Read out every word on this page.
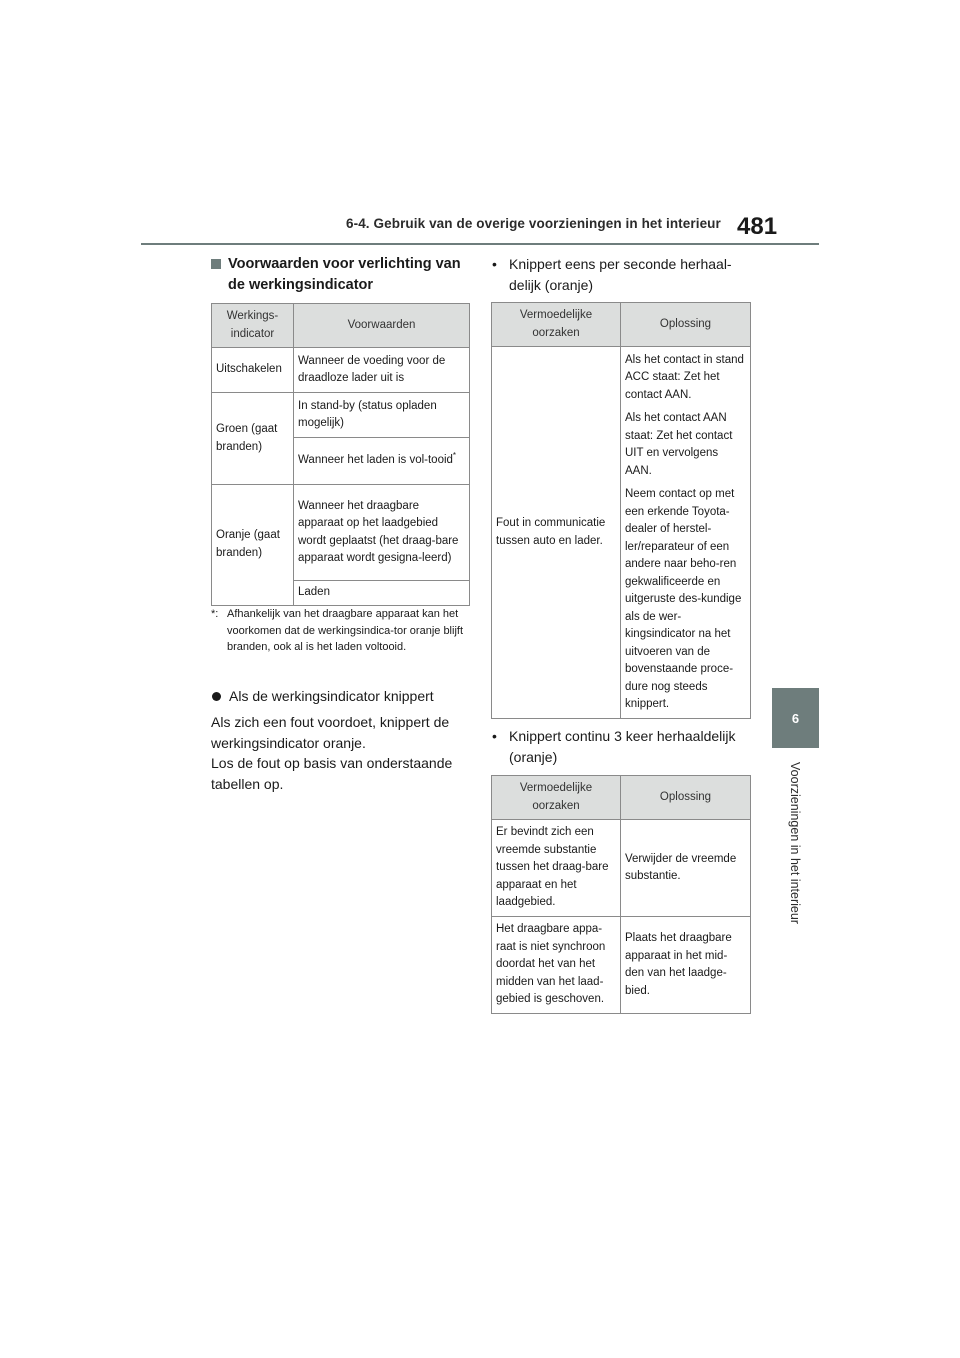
6-4. Gebruik van de overige voorzieningen in het interieur 481
6
Voorzieningen in het interieur
Voorwaarden voor verlichting van de werkingsindicator
Werkings-
indicator	Voorwaarden
Uitschakelen	Wanneer de voeding voor de draadloze lader uit is
Groen (gaat branden)	In stand-by (status opladen mogelijk)
	Wanneer het laden is vol-tooid*
Oranje (gaat branden)	Wanneer het draagbare apparaat op het laadgebied wordt geplaatst (het draag-bare apparaat wordt gesigna-leerd)
	Laden
*: Afhankelijk van het draagbare apparaat kan het voorkomen dat de werkingsindica-tor oranje blijft branden, ook al is het laden voltooid.
Als de werkingsindicator knippert

Als zich een fout voordoet, knippert de werkingsindicator oranje.

Los de fout op basis van onderstaande tabellen op.

• Knippert eens per seconde herhaal-delijk (oranje)
Vermoedelijke
oorzaken	Oplossing
Fout in communicatie tussen auto en lader.	Als het contact in stand ACC staat: Zet het contact AAN.

Als het contact AAN staat: Zet het contact UIT en vervolgens AAN.

Neem contact op met een erkende Toyota-dealer of herstel-ler/reparateur of een andere naar beho-ren gekwalificeerde en uitgeruste des-kundige als de wer-kingsindicator na het uitvoeren van de bovenstaande proce-dure nog steeds knippert.

• Knippert continu 3 keer herhaaldelijk (oranje)
Vermoedelijke
oorzaken	Oplossing
Er bevindt zich een vreemde substantie tussen het draag-bare apparaat en het laadgebied.	Verwijder de vreemde substantie.
Het draagbare appa-raat is niet synchroon doordat het van het midden van het laad-gebied is geschoven.	Plaats het draagbare apparaat in het mid-den van het laadge-bied.
